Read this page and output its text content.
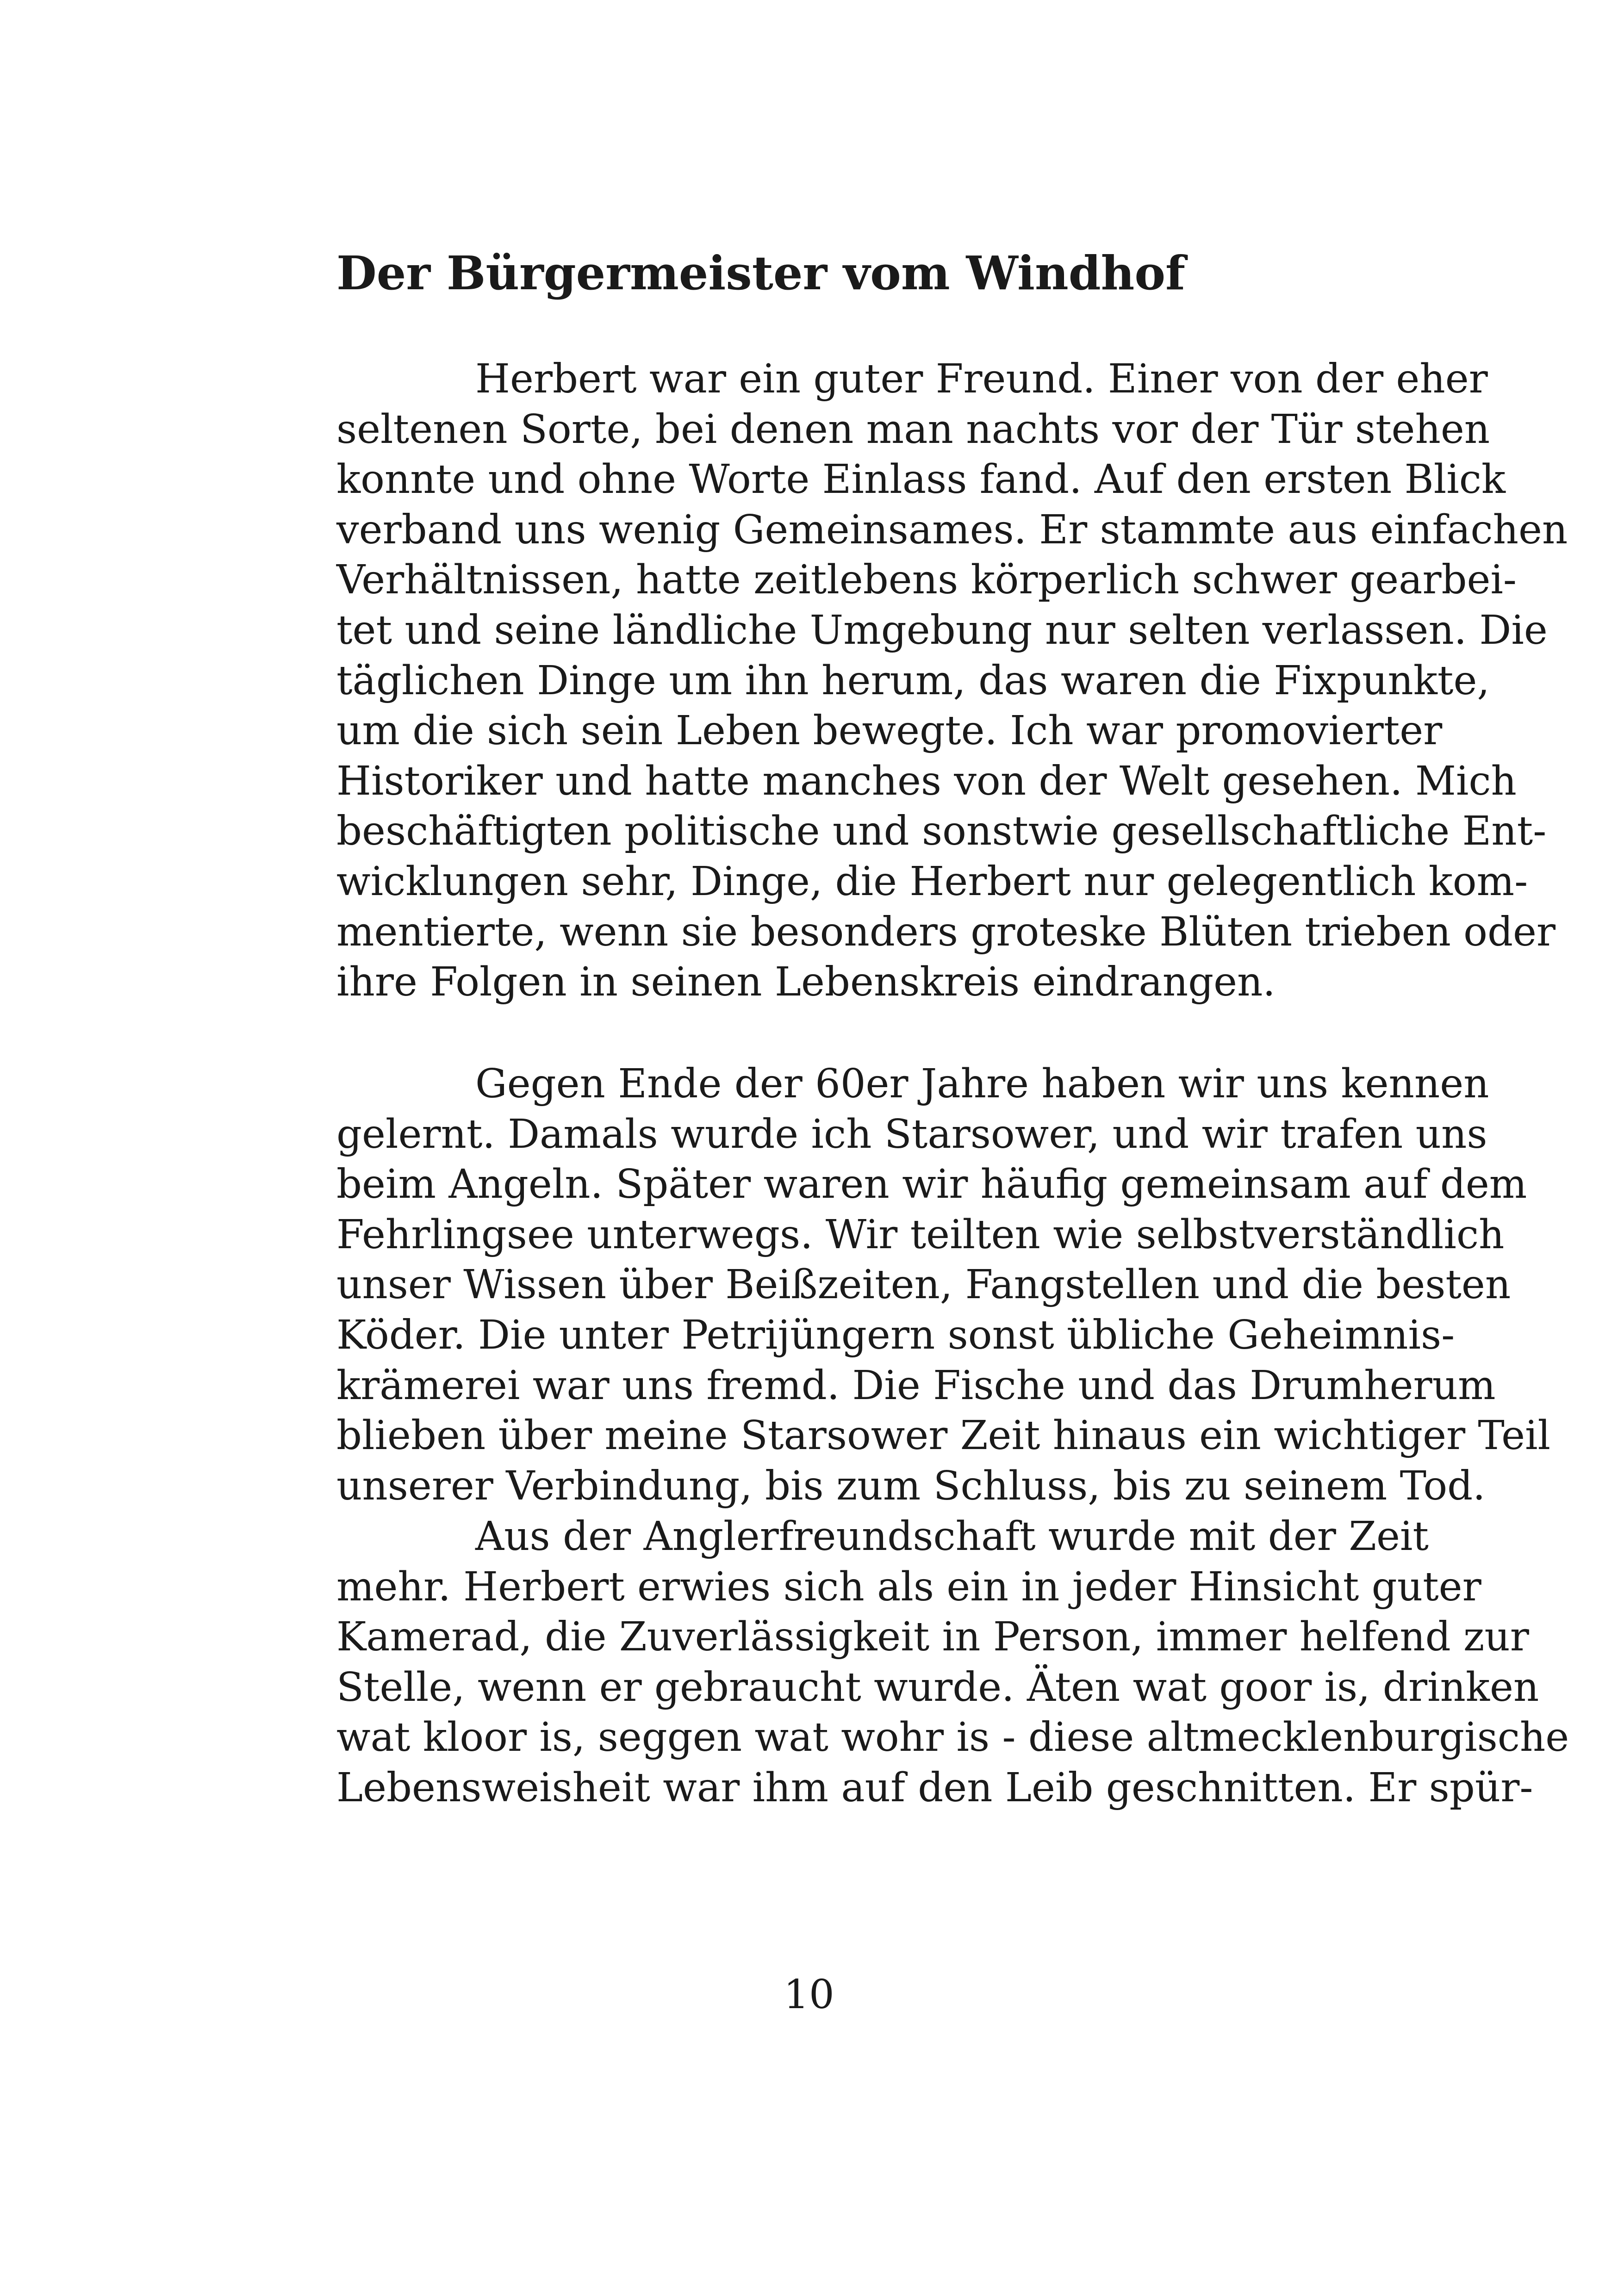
Der Bürgermeister vom Windhof
Herbert war ein guter Freund. Einer von der eher
seltenen Sorte, bei denen man nachts vor der Tür stehen
konnte und ohne Worte Einlass fand. Auf den ersten Blick
verband uns wenig Gemeinsames. Er stammte aus einfachen
Verhältnissen, hatte zeitlebens körperlich schwer gearbei-
tet und seine ländliche Umgebung nur selten verlassen. Die
täglichen Dinge um ihn herum, das waren die Fixpunkte,
um die sich sein Leben bewegte. Ich war promovierter
Historiker und hatte manches von der Welt gesehen. Mich
beschäftigten politische und sonstwie gesellschaftliche Ent-
wicklungen sehr, Dinge, die Herbert nur gelegentlich kom-
mentierte, wenn sie besonders groteske Blüten trieben oder
ihre Folgen in seinen Lebenskreis eindrangen.
Gegen Ende der 60er Jahre haben wir uns kennen
gelernt. Damals wurde ich Starsower, und wir trafen uns
beim Angeln. Später waren wir häufig gemeinsam auf dem
Fehrlingsee unterwegs. Wir teilten wie selbstverständlich
unser Wissen über Beißzeiten, Fangstellen und die besten
Köder. Die unter Petrijüngern sonst übliche Geheimnis-
krämerei war uns fremd. Die Fische und das Drumherum
blieben über meine Starsower Zeit hinaus ein wichtiger Teil
unserer Verbindung, bis zum Schluss, bis zu seinem Tod.
Aus der Anglerfreundschaft wurde mit der Zeit
mehr. Herbert erwies sich als ein in jeder Hinsicht guter
Kamerad, die Zuverlässigkeit in Person, immer helfend zur
Stelle, wenn er gebraucht wurde. Äten wat goor is, drinken
wat kloor is, seggen wat wohr is - diese altmecklenburgische
Lebensweisheit war ihm auf den Leib geschnitten. Er spür-
10
